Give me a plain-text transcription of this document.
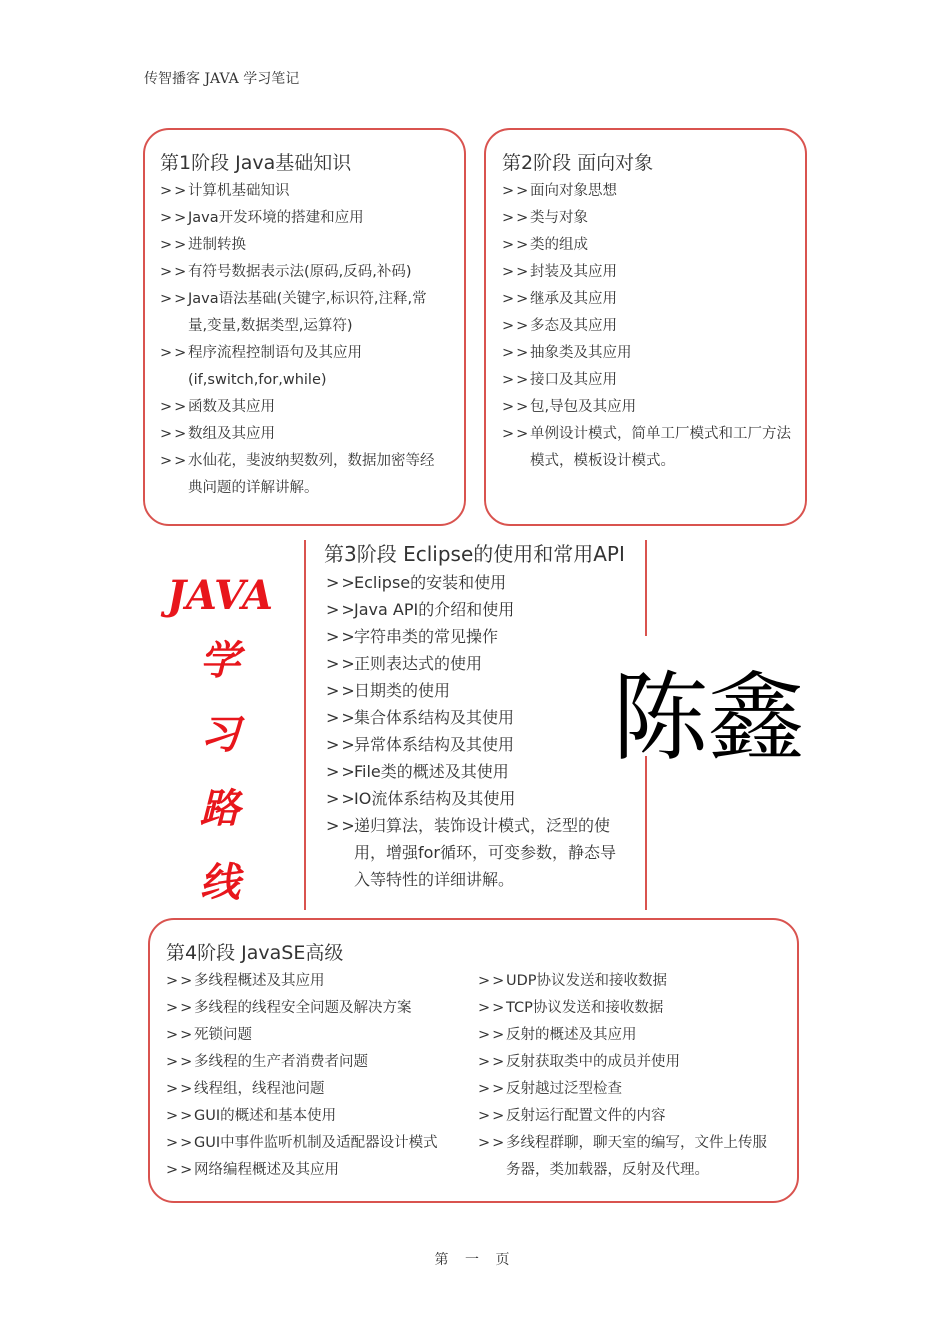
传智播客 JAVA 学习笔记
第1阶段 Java基础知识
>> 计算机基础知识
>> Java开发环境的搭建和应用
>> 进制转换
>> 有符号数据表示法(原码,反码,补码)
>> Java语法基础(关键字,标识符,注释,常量,变量,数据类型,运算符)
>> 程序流程控制语句及其应用(if,switch,for,while)
>> 函数及其应用
>> 数组及其应用
>> 水仙花，斐波纳契数列，数据加密等经典问题的详解讲解。
第2阶段 面向对象
>> 面向对象思想
>> 类与对象
>> 类的组成
>> 封装及其应用
>> 继承及其应用
>> 多态及其应用
>> 抽象类及其应用
>> 接口及其应用
>> 包,导包及其应用
>> 单例设计模式，简单工厂模式和工厂方法模式，模板设计模式。
第3阶段 Eclipse的使用和常用API
>> Eclipse的安装和使用
>> Java API的介绍和使用
>> 字符串类的常见操作
>> 正则表达式的使用
>> 日期类的使用
>> 集合体系结构及其使用
>> 异常体系结构及其使用
>> File类的概述及其使用
>> IO流体系结构及其使用
>> 递归算法，装饰设计模式，泛型的使用，增强for循环，可变参数，静态导入等特性的详细讲解。
JAVA
学
习
路
线
陈鑫
第4阶段 JavaSE高级
>> 多线程概述及其应用
>> 多线程的线程安全问题及解决方案
>> 死锁问题
>> 多线程的生产者消费者问题
>> 线程组，线程池问题
>> GUI的概述和基本使用
>> GUI中事件监听机制及适配器设计模式
>> 网络编程概述及其应用
>> UDP协议发送和接收数据
>> TCP协议发送和接收数据
>> 反射的概述及其应用
>> 反射获取类中的成员并使用
>> 反射越过泛型检查
>> 反射运行配置文件的内容
>> 多线程群聊，聊天室的编写，文件上传服务器，类加载器，反射及代理。
第 一 页
